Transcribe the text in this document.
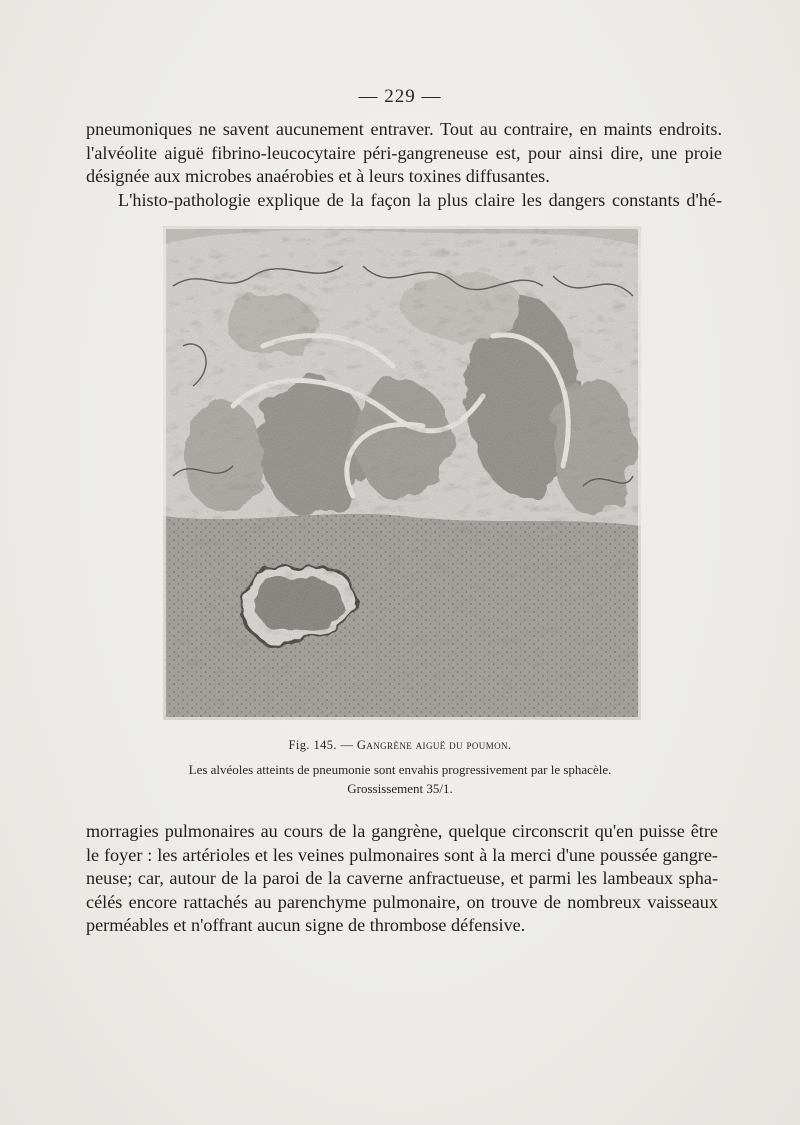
— 229 —
pneumoniques ne savent aucunement entraver. Tout au contraire, en maints endroits.
l'alvéolite aiguë fibrino-leucocytaire péri-gangreneuse est, pour ainsi dire, une proie
désignée aux microbes anaérobies et à leurs toxines diffusantes.
L'histo-pathologie explique de la façon la plus claire les dangers constants d'hé-
Fig. 145. — Gangrène aiguë du poumon.
Les alvéoles atteints de pneumonie sont envahis progressivement par le sphacèle.
Grossissement 35/1.
morragies pulmonaires au cours de la gangrène, quelque circonscrit qu'en puisse être
le foyer : les artérioles et les veines pulmonaires sont à la merci d'une poussée gangre-
neuse; car, autour de la paroi de la caverne anfractueuse, et parmi les lambeaux spha-
célés encore rattachés au parenchyme pulmonaire, on trouve de nombreux vaisseaux
perméables et n'offrant aucun signe de thrombose défensive.
